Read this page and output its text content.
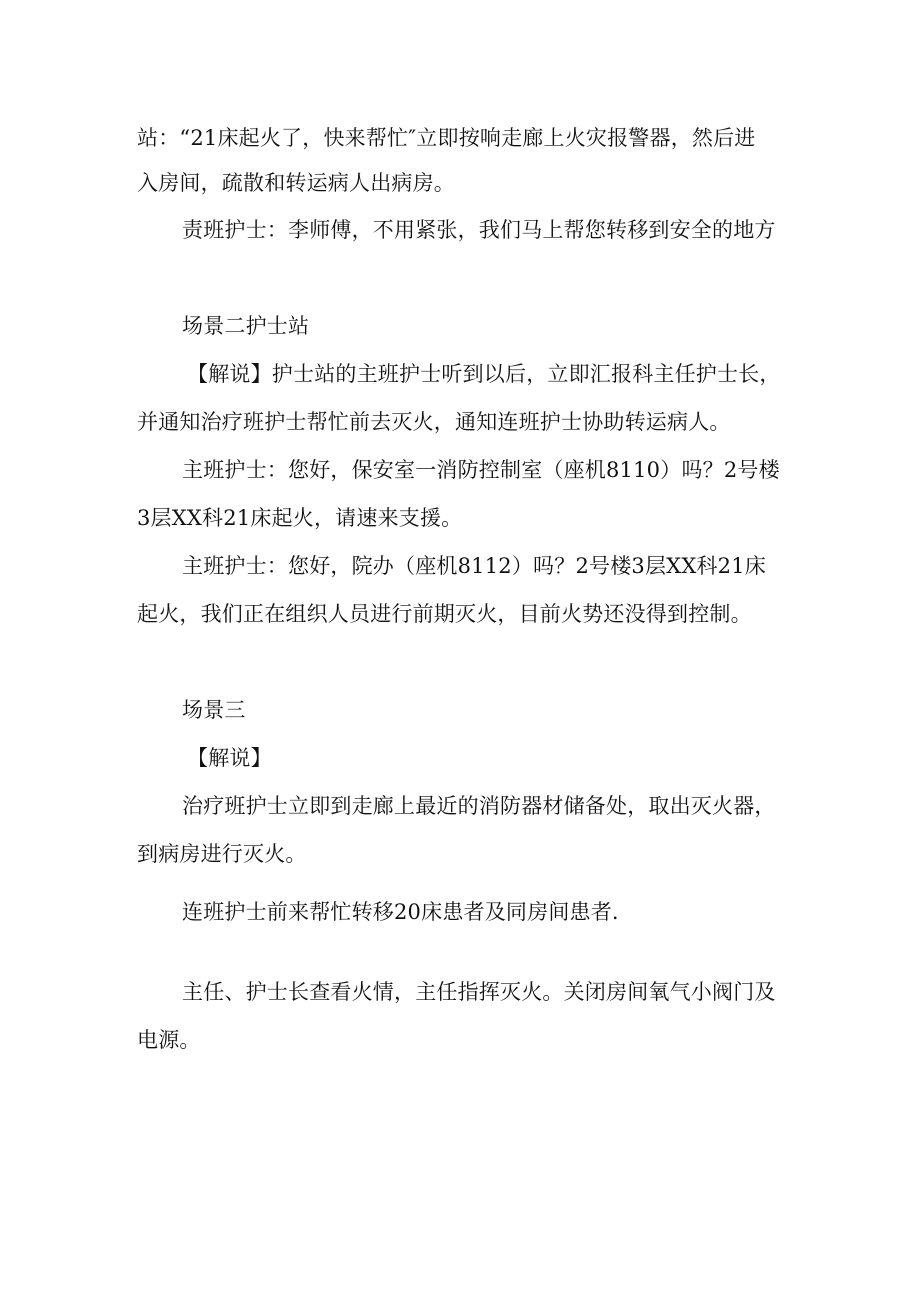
站：“21床起火了，快来帮忙″立即按响走廊上火灾报警器，然后进
入房间，疏散和转运病人出病房。
责班护士：李师傅，不用紧张，我们马上帮您转移到安全的地方
场景二护士站
【解说】护士站的主班护士听到以后，立即汇报科主任护士长，
并通知治疗班护士帮忙前去灭火，通知连班护士协助转运病人。
主班护士：您好，保安室一消防控制室（座机8110）吗？2号楼
3层XX科21床起火，请速来支援。
主班护士：您好，院办（座机8112）吗？2号楼3层XX科21床
起火，我们正在组织人员进行前期灭火，目前火势还没得到控制。
场景三
【解说】
治疗班护士立即到走廊上最近的消防器材储备处，取出灭火器，
到病房进行灭火。
连班护士前来帮忙转移20床患者及同房间患者.
主任、护士长查看火情，主任指挥灭火。关闭房间氧气小阀门及
电源。
